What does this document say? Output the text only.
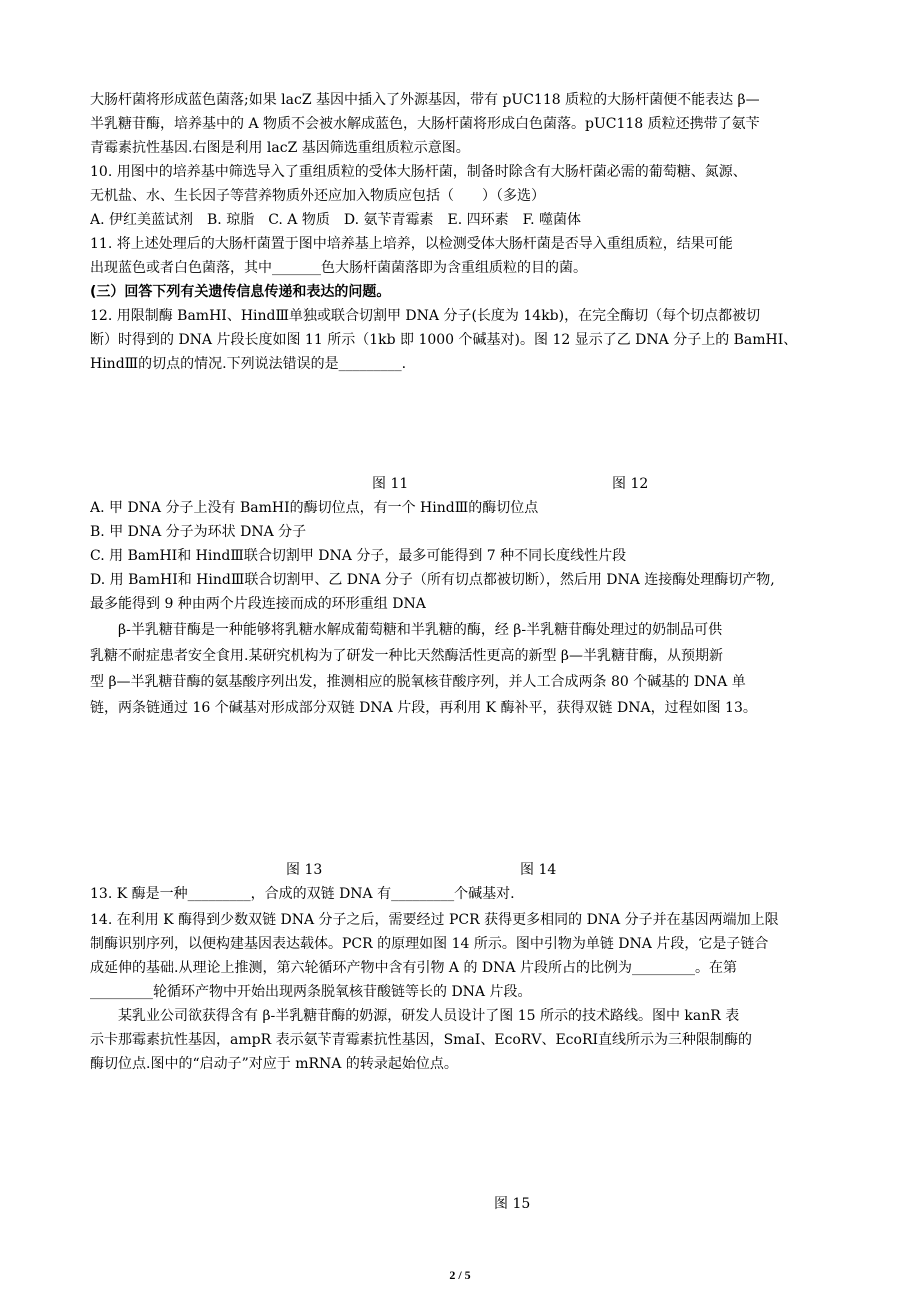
大肠杆菌将形成蓝色菌落;如果 lacZ 基因中插入了外源基因，带有 pUC118 质粒的大肠杆菌便不能表达 β—
半乳糖苷酶，培养基中的 A 物质不会被水解成蓝色，大肠杆菌将形成白色菌落。pUC118 质粒还携带了氨苄
青霉素抗性基因.右图是利用 lacZ 基因筛选重组质粒示意图。
10. 用图中的培养基中筛选导入了重组质粒的受体大肠杆菌，制备时除含有大肠杆菌必需的葡萄糖、氮源、
无机盐、水、生长因子等营养物质外还应加入物质应包括（　　）（多选）
A. 伊红美蓝试剂　B. 琼脂　C. A 物质　D. 氨苄青霉素　E. 四环素　F. 噬菌体
11. 将上述处理后的大肠杆菌置于图中培养基上培养，以检测受体大肠杆菌是否导入重组质粒，结果可能
出现蓝色或者白色菌落，其中_______色大肠杆菌菌落即为含重组质粒的目的菌。
(三）回答下列有关遗传信息传递和表达的问题。
12. 用限制酶 BamHⅠ、HindⅢ单独或联合切割甲 DNA 分子(长度为 14kb)，在完全酶切（每个切点都被切
断）时得到的 DNA 片段长度如图 11 所示（1kb 即 1000 个碱基对)。图 12 显示了乙 DNA 分子上的 BamHⅠ、
HindⅢ的切点的情况.下列说法错误的是_________.
图 11	图 12
A. 甲 DNA 分子上没有 BamHⅠ的酶切位点，有一个 HindⅢ的酶切位点
B. 甲 DNA 分子为环状 DNA 分子
C. 用 BamHⅠ和 HindⅢ联合切割甲 DNA 分子，最多可能得到 7 种不同长度线性片段
D. 用 BamHⅠ和 HindⅢ联合切割甲、乙 DNA 分子（所有切点都被切断），然后用 DNA 连接酶处理酶切产物,
最多能得到 9 种由两个片段连接而成的环形重组 DNA
β-半乳糖苷酶是一种能够将乳糖水解成葡萄糖和半乳糖的酶，经 β-半乳糖苷酶处理过的奶制品可供
乳糖不耐症患者安全食用.某研究机构为了研发一种比天然酶活性更高的新型 β—半乳糖苷酶，从预期新
型 β—半乳糖苷酶的氨基酸序列出发，推测相应的脱氧核苷酸序列，并人工合成两条 80 个碱基的 DNA 单
链，两条链通过 16 个碱基对形成部分双链 DNA 片段，再利用 K 酶补平，获得双链 DNA，过程如图 13。
图 13	图 14
13. K 酶是一种_________，合成的双链 DNA 有_________个碱基对.
14. 在利用 K 酶得到少数双链 DNA 分子之后，需要经过 PCR 获得更多相同的 DNA 分子并在基因两端加上限
制酶识别序列，以便构建基因表达载体。PCR 的原理如图 14 所示。图中引物为单链 DNA 片段，它是子链合
成延伸的基础.从理论上推测，第六轮循环产物中含有引物 A 的 DNA 片段所占的比例为_________。在第
_________轮循环产物中开始出现两条脱氧核苷酸链等长的 DNA 片段。
某乳业公司欲获得含有 β-半乳糖苷酶的奶源，研发人员设计了图 15 所示的技术路线。图中 kanR 表
示卡那霉素抗性基因，ampR 表示氨苄青霉素抗性基因，SmaⅠ、EcoRⅤ、EcoRⅠ直线所示为三种限制酶的
酶切位点.图中的“启动子”对应于 mRNA 的转录起始位点。
图 15
2 / 5
